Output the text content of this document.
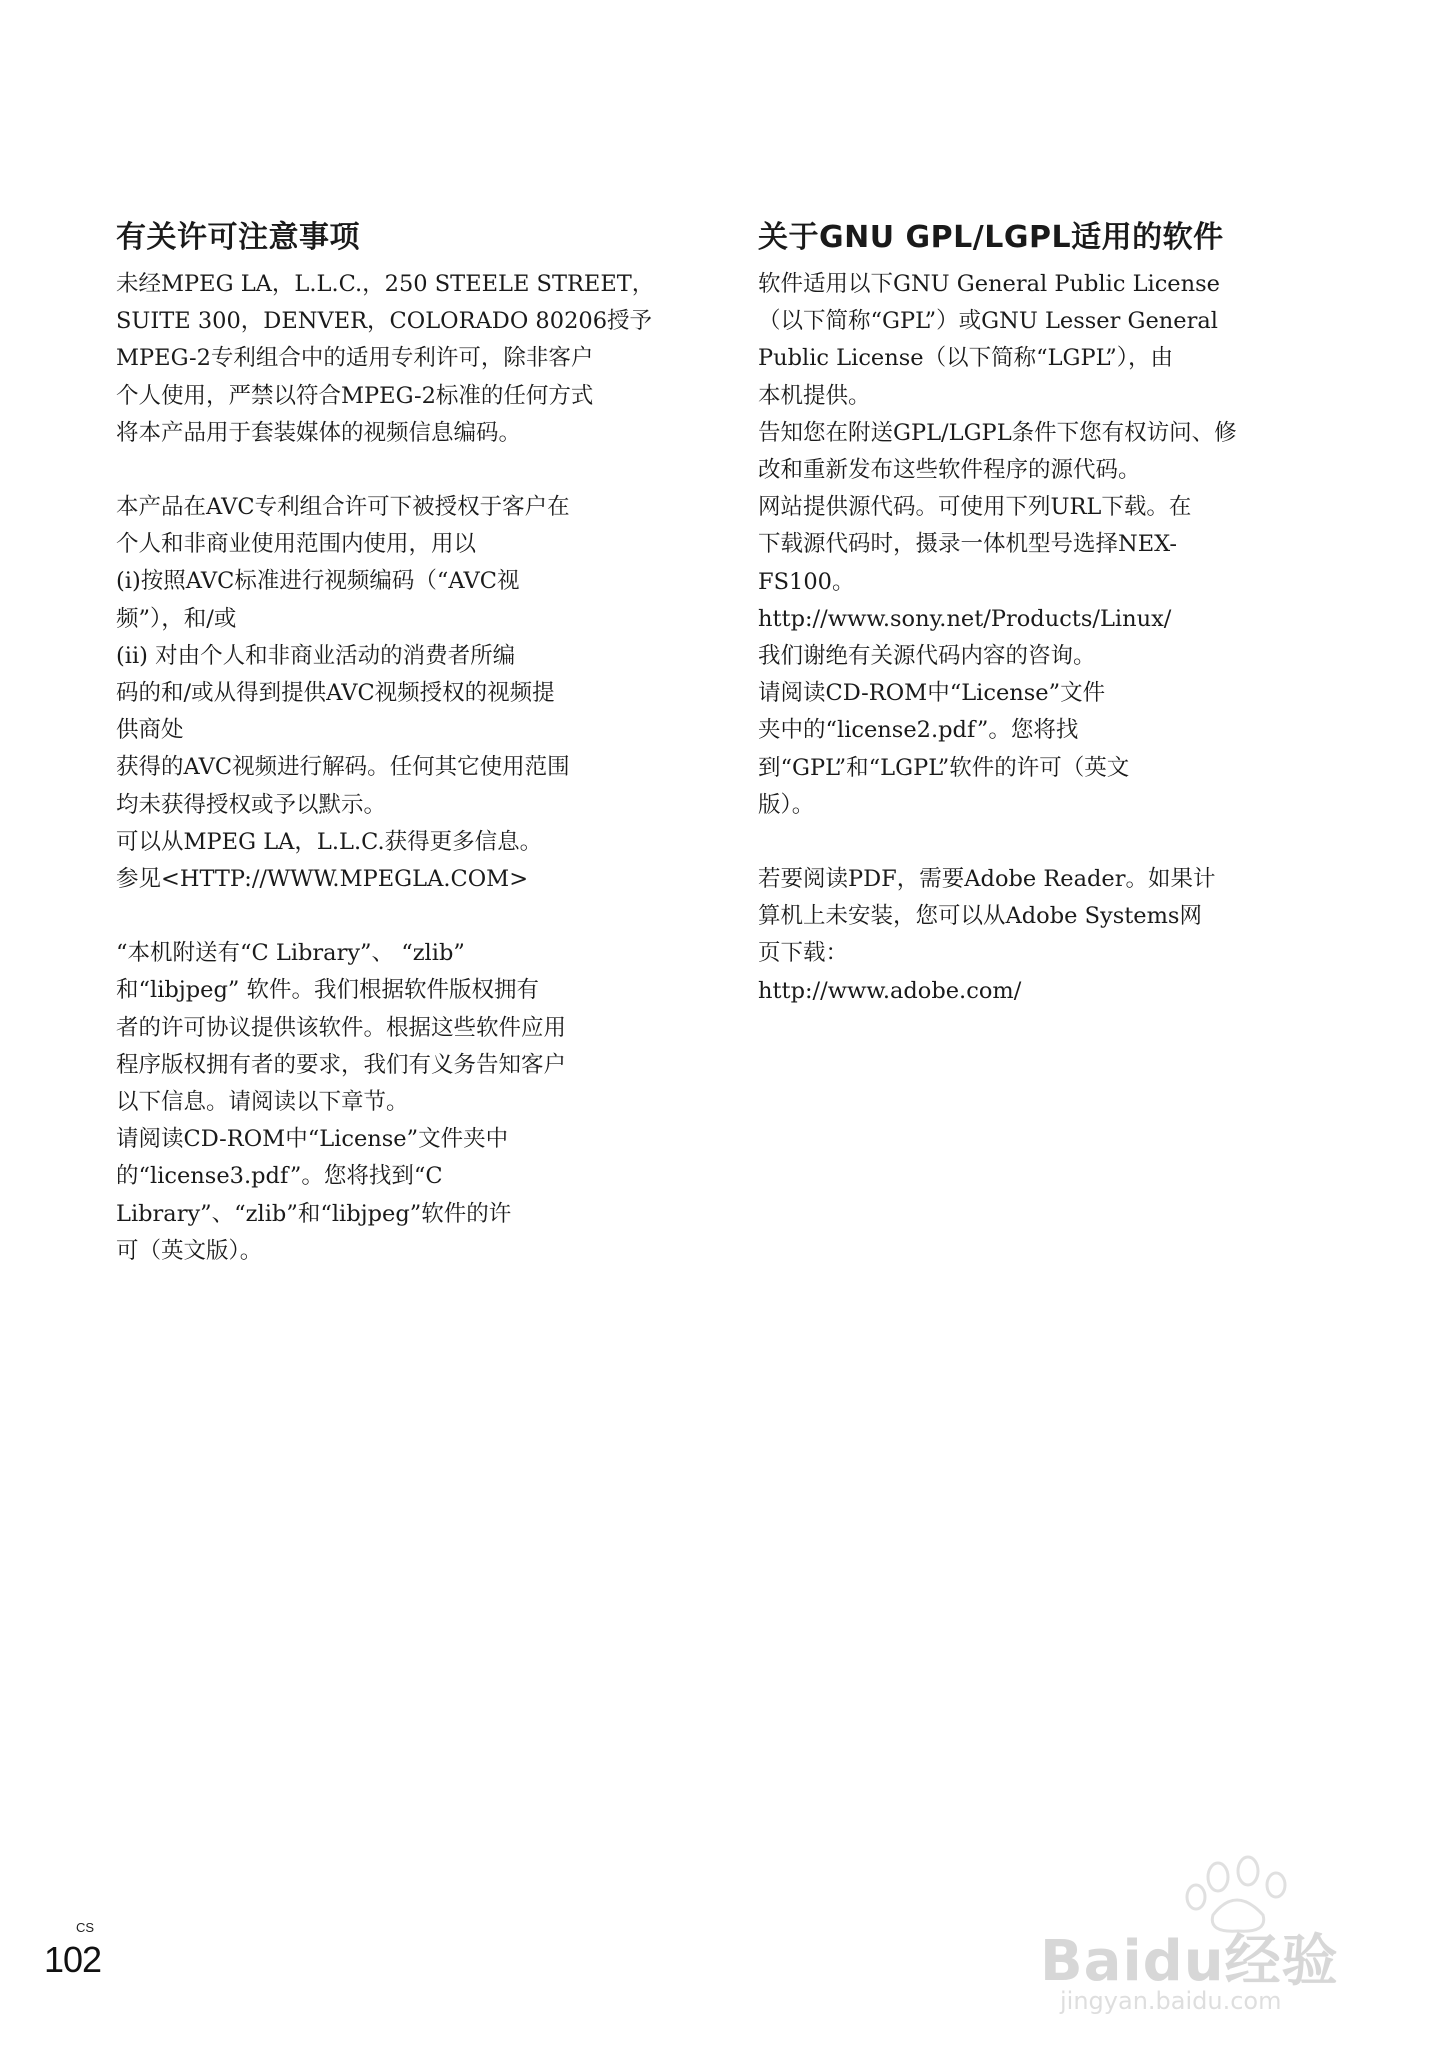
有关许可注意事项
未经MPEG LA，L.L.C.，250 STEELE STREET，
SUITE 300，DENVER，COLORADO 80206授予
MPEG-2专利组合中的适用专利许可，除非客户
个人使用，严禁以符合MPEG-2标准的任何方式
将本产品用于套装媒体的视频信息编码。
本产品在AVC专利组合许可下被授权于客户在
个人和非商业使用范围内使用，用以
(i)按照AVC标准进行视频编码（“AVC视
频”），和/或
(ii) 对由个人和非商业活动的消费者所编
码的和/或从得到提供AVC视频授权的视频提
供商处
获得的AVC视频进行解码。任何其它使用范围
均未获得授权或予以默示。
可以从MPEG LA，L.L.C.获得更多信息。
参见<HTTP://WWW.MPEGLA.COM>
“本机附送有“C Library”、 “zlib”
和“libjpeg” 软件。我们根据软件版权拥有
者的许可协议提供该软件。根据这些软件应用
程序版权拥有者的要求，我们有义务告知客户
以下信息。请阅读以下章节。
请阅读CD-ROM中“License”文件夹中
的“license3.pdf”。您将找到“C
Library”、“zlib”和“libjpeg”软件的许
可（英文版）。
关于GNU GPL/LGPL适用的软件
软件适用以下GNU General Public License
（以下简称“GPL”）或GNU Lesser General
Public License（以下简称“LGPL”），由
本机提供。
告知您在附送GPL/LGPL条件下您有权访问、修
改和重新发布这些软件程序的源代码。
网站提供源代码。可使用下列URL下载。在
下载源代码时，摄录一体机型号选择NEX-
FS100。
http://www.sony.net/Products/Linux/
我们谢绝有关源代码内容的咨询。
请阅读CD-ROM中“License”文件
夹中的“license2.pdf”。您将找
到“GPL”和“LGPL”软件的许可（英文
版）。
若要阅读PDF，需要Adobe Reader。如果计
算机上未安装，您可以从Adobe Systems网
页下载：
http://www.adobe.com/
CS
102	Baidu经验
jingyan.baidu.com
